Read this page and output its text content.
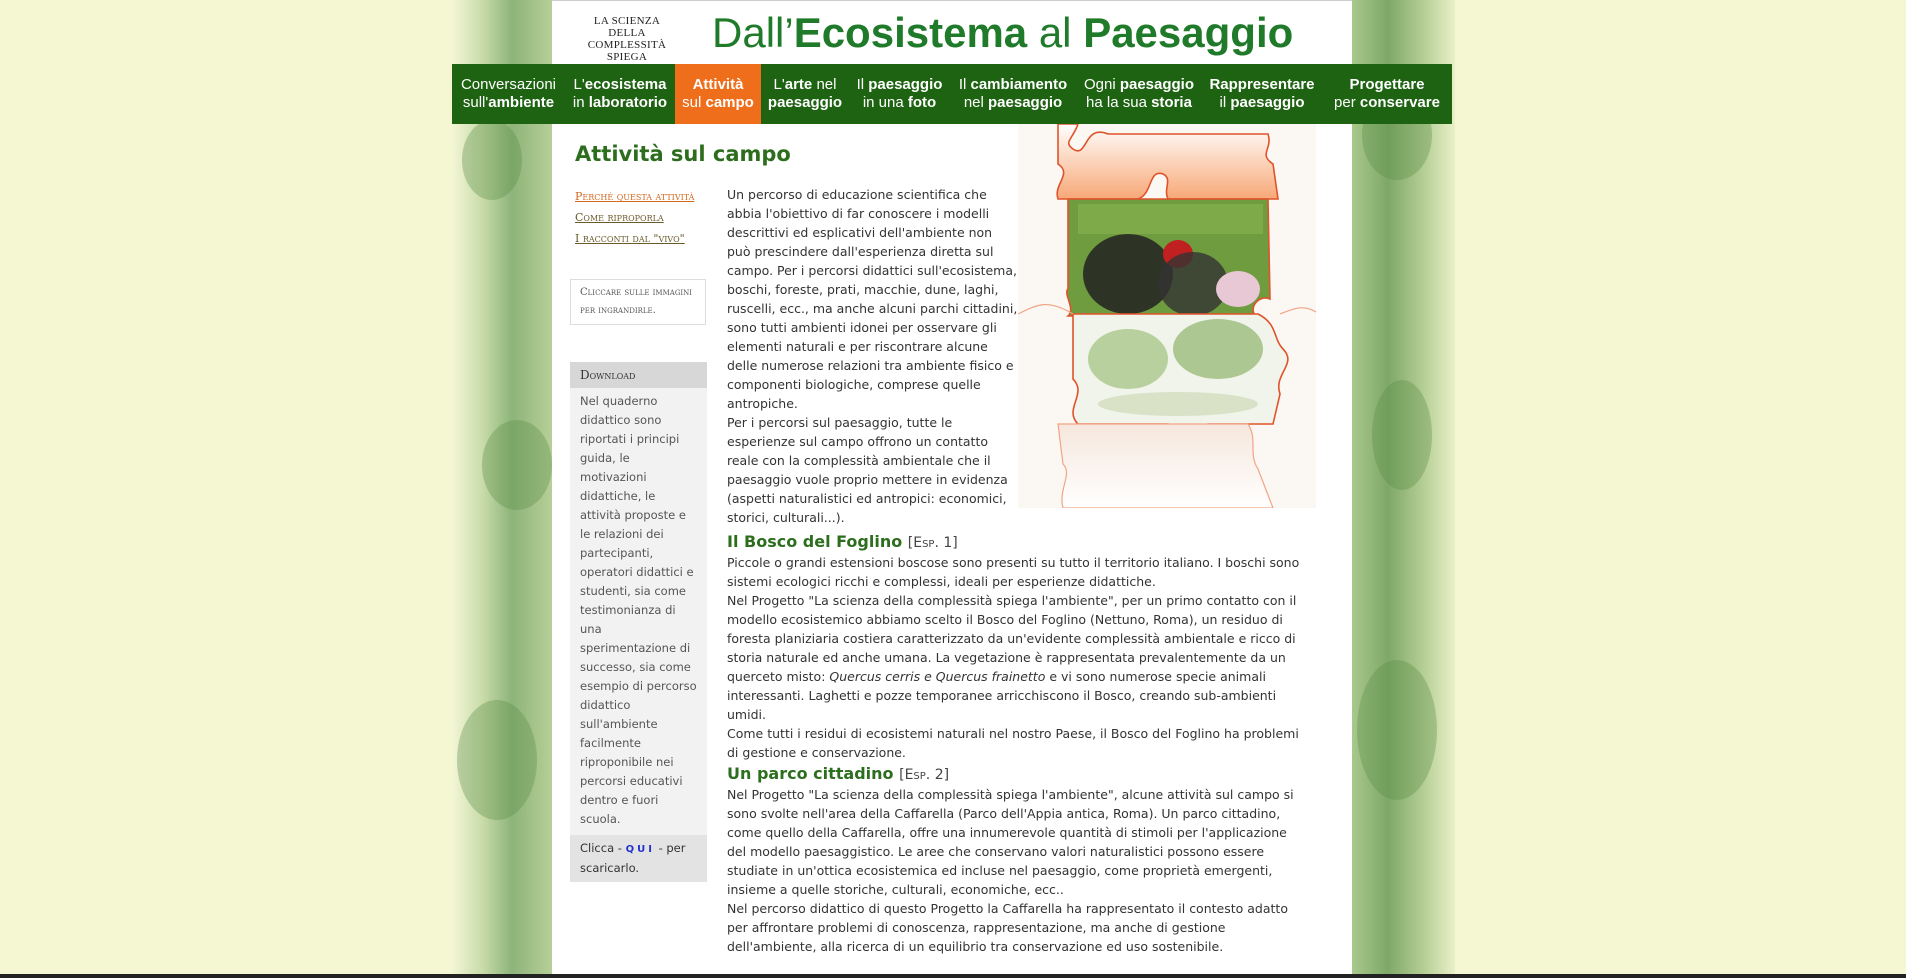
LA SCIENZA
DELLA COMPLESSITÀ
SPIEGA
Dall’Ecosistema al Paesaggio
Conversazioni
sull'ambiente
L'ecosistema
in laboratorio
Attività
sul campo
L'arte nel
paesaggio
Il paesaggio
in una foto
Il cambiamento
nel paesaggio
Ogni paesaggio
ha la sua storia
Rappresentare
il paesaggio
Progettare
per conservare
Attività sul campo
Perché questa attività
Come riproporla
I racconti dal "vivo"
Cliccare sulle immagini per ingrandirle.
Download
Nel quaderno didattico sono riportati i principi guida, le motivazioni didattiche, le attività proposte e le relazioni dei partecipanti, operatori didattici e studenti, sia come testimonianza di una sperimentazione di successo, sia come esempio di percorso didattico sull'ambiente facilmente riproponibile nei percorsi educativi dentro e fuori scuola.
Clicca - QUI - per scaricarlo.
Un percorso di educazione scientifica che abbia l'obiettivo di far conoscere i modelli descrittivi ed esplicativi dell'ambiente non può prescindere dall'esperienza diretta sul campo. Per i percorsi didattici sull'ecosistema, boschi, foreste, prati, macchie, dune, laghi, ruscelli, ecc., ma anche alcuni parchi cittadini, sono tutti ambienti idonei per osservare gli elementi naturali e per riscontrare alcune delle numerose relazioni tra ambiente fisico e componenti biologiche, comprese quelle antropiche.
Per i percorsi sul paesaggio, tutte le esperienze sul campo offrono un contatto reale con la complessità ambientale che il paesaggio vuole proprio mettere in evidenza (aspetti naturalistici ed antropici: economici, storici, culturali...).
Il Bosco del Foglino [Esp. 1]

Piccole o grandi estensioni boscose sono presenti su tutto il territorio italiano. I boschi sono sistemi ecologici ricchi e complessi, ideali per esperienze didattiche.

Nel Progetto "La scienza della complessità spiega l'ambiente", per un primo contatto con il modello ecosistemico abbiamo scelto il Bosco del Foglino (Nettuno, Roma), un residuo di foresta planiziaria costiera caratterizzato da un'evidente complessità ambientale e ricco di storia naturale ed anche umana. La vegetazione è rappresentata prevalentemente da un querceto misto: Quercus cerris e Quercus frainetto e vi sono numerose specie animali interessanti. Laghetti e pozze temporanee arricchiscono il Bosco, creando sub-ambienti umidi.

Come tutti i residui di ecosistemi naturali nel nostro Paese, il Bosco del Foglino ha problemi di gestione e conservazione.

Un parco cittadino [Esp. 2]

Nel Progetto "La scienza della complessità spiega l'ambiente", alcune attività sul campo si sono svolte nell'area della Caffarella (Parco dell'Appia antica, Roma). Un parco cittadino, come quello della Caffarella, offre una innumerevole quantità di stimoli per l'applicazione del modello paesaggistico. Le aree che conservano valori naturalistici possono essere studiate in un'ottica ecosistemica ed incluse nel paesaggio, come proprietà emergenti, insieme a quelle storiche, culturali, economiche, ecc..

Nel percorso didattico di questo Progetto la Caffarella ha rappresentato il contesto adatto per affrontare problemi di conoscenza, rappresentazione, ma anche di gestione dell'ambiente, alla ricerca di un equilibrio tra conservazione ed uso sostenibile.
